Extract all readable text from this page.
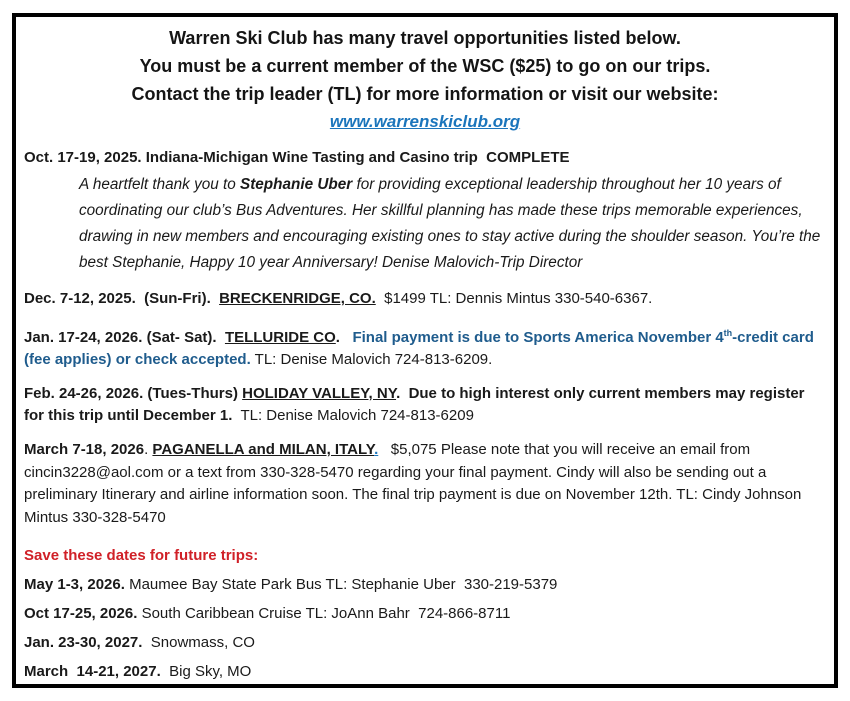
Warren Ski Club has many travel opportunities listed below.
You must be a current member of the WSC ($25) to go on our trips.
Contact the trip leader (TL) for more information or visit our website:
www.warrenskiclub.org

Oct. 17-19, 2025. Indiana-Michigan Wine Tasting and Casino trip  COMPLETE

A heartfelt thank you to Stephanie Uber for providing exceptional leadership throughout her 10 years of coordinating our club’s Bus Adventures. Her skillful planning has made these trips memorable experiences, drawing in new members and encouraging existing ones to stay active during the shoulder season. You’re the best Stephanie, Happy 10 year Anniversary! Denise Malovich-Trip Director

Dec. 7-12, 2025.  (Sun-Fri).  BRECKENRIDGE, CO.  $1499 TL: Dennis Mintus 330-540-6367.

Jan. 17-24, 2026. (Sat- Sat).  TELLURIDE CO.   Final payment is due to Sports America November 4th-credit card (fee applies) or check accepted. TL: Denise Malovich 724-813-6209.

Feb. 24-26, 2026. (Tues-Thurs) HOLIDAY VALLEY, NY.  Due to high interest only current members may register for this trip until December 1.  TL: Denise Malovich 724-813-6209

March 7-18, 2026. PAGANELLA and MILAN, ITALY.   $5,075 Please note that you will receive an email from cincin3228@aol.com or a text from 330-328-5470 regarding your final payment. Cindy will also be sending out a preliminary Itinerary and airline information soon. The final trip payment is due on November 12th. TL: Cindy Johnson Mintus 330-328-5470

Save these dates for future trips:

May 1-3, 2026. Maumee Bay State Park Bus TL: Stephanie Uber  330-219-5379

Oct 17-25, 2026. South Caribbean Cruise TL: JoAnn Bahr  724-866-8711

Jan. 23-30, 2027.  Snowmass, CO

March  14-21, 2027.  Big Sky, MO
